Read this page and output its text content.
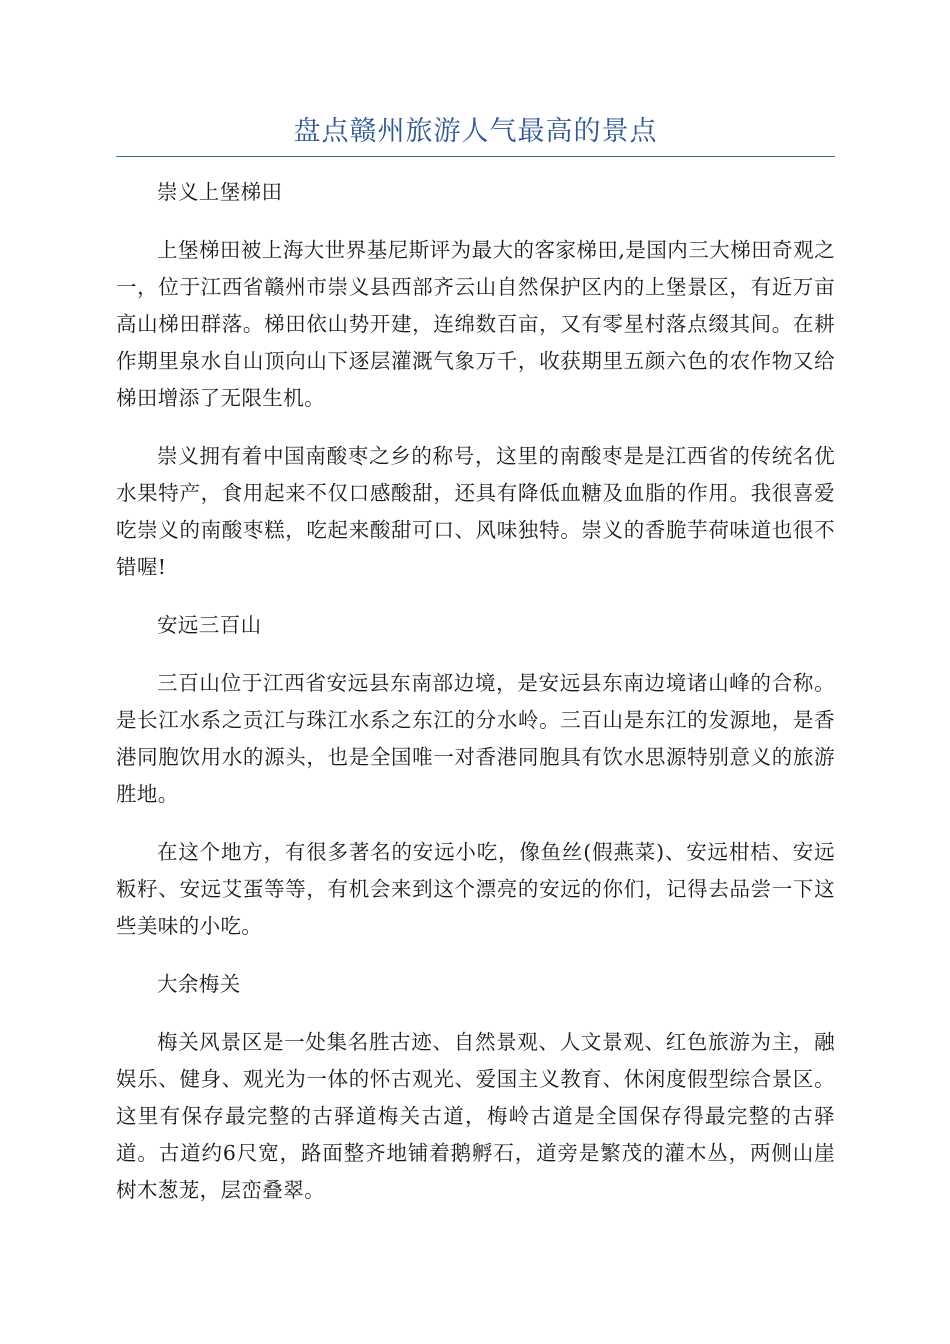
盘点赣州旅游人气最高的景点

崇义上堡梯田

上堡梯田被上海大世界基尼斯评为最大的客家梯田,是国内三大梯田奇观之一，位于江西省赣州市崇义县西部齐云山自然保护区内的上堡景区，有近万亩高山梯田群落。梯田依山势开建，连绵数百亩，又有零星村落点缀其间。在耕作期里泉水自山顶向山下逐层灌溉气象万千，收获期里五颜六色的农作物又给梯田增添了无限生机。

崇义拥有着中国南酸枣之乡的称号，这里的南酸枣是是江西省的传统名优水果特产，食用起来不仅口感酸甜，还具有降低血糖及血脂的作用。我很喜爱吃崇义的南酸枣糕，吃起来酸甜可口、风味独特。崇义的香脆芋荷味道也很不错喔!

安远三百山

三百山位于江西省安远县东南部边境，是安远县东南边境诸山峰的合称。是长江水系之贡江与珠江水系之东江的分水岭。三百山是东江的发源地，是香港同胞饮用水的源头，也是全国唯一对香港同胞具有饮水思源特别意义的旅游胜地。

在这个地方，有很多著名的安远小吃，像鱼丝(假燕菜)、安远柑桔、安远粄籽、安远艾蛋等等，有机会来到这个漂亮的安远的你们，记得去品尝一下这些美味的小吃。

大余梅关

梅关风景区是一处集名胜古迹、自然景观、人文景观、红色旅游为主，融娱乐、健身、观光为一体的怀古观光、爱国主义教育、休闲度假型综合景区。这里有保存最完整的古驿道梅关古道，梅岭古道是全国保存得最完整的古驿道。古道约6尺宽，路面整齐地铺着鹅孵石，道旁是繁茂的灌木丛，两侧山崖树木葱茏，层峦叠翠。
